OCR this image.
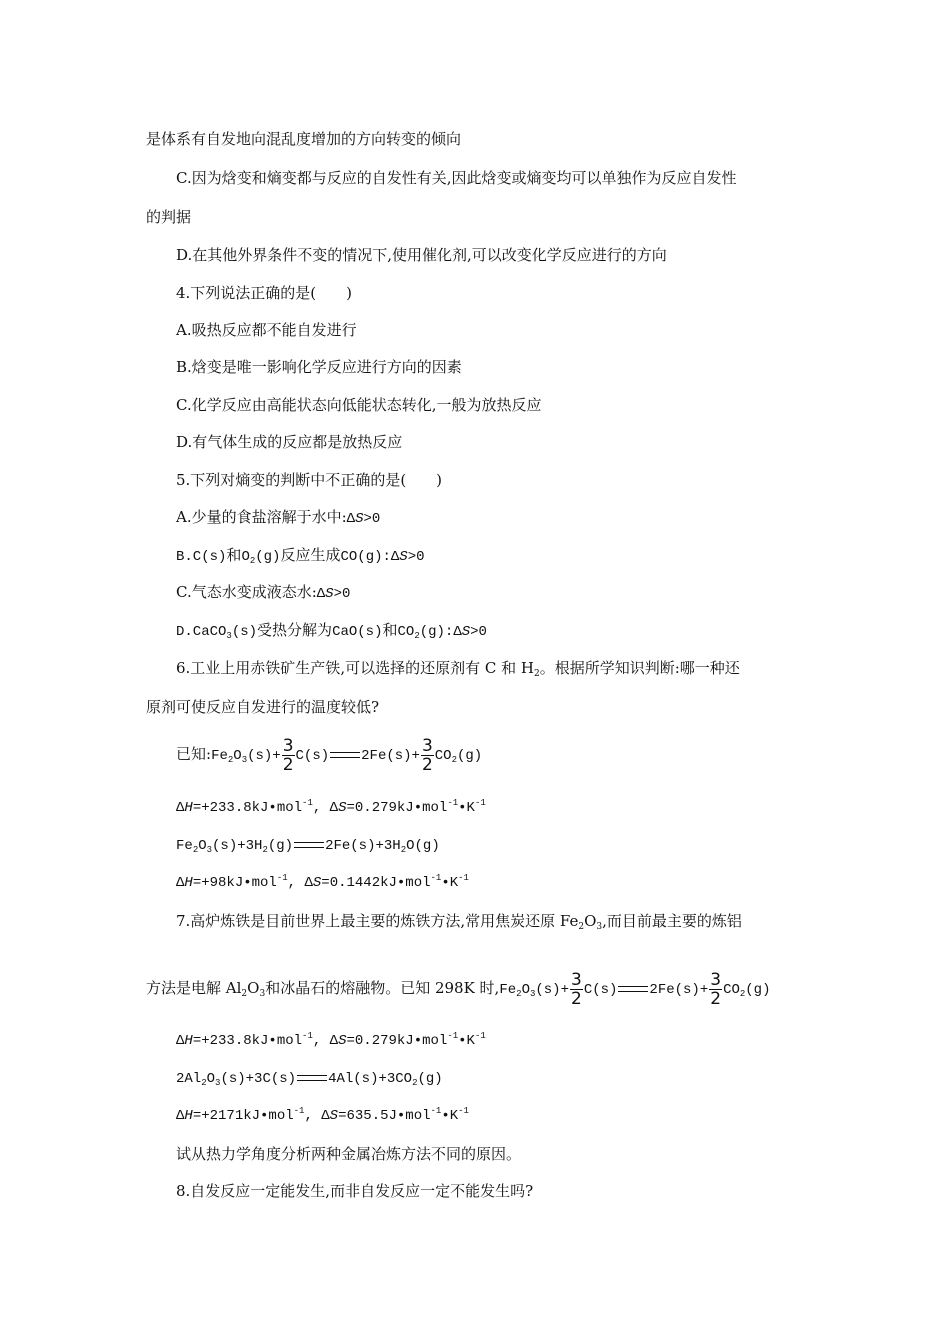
是体系有自发地向混乱度增加的方向转变的倾向
C.因为焓变和熵变都与反应的自发性有关,因此焓变或熵变均可以单独作为反应自发性
的判据
D.在其他外界条件不变的情况下,使用催化剂,可以改变化学反应进行的方向
4.下列说法正确的是(　　)
A.吸热反应都不能自发进行
B.焓变是唯一影响化学反应进行方向的因素
C.化学反应由高能状态向低能状态转化,一般为放热反应
D.有气体生成的反应都是放热反应
5.下列对熵变的判断中不正确的是(　　)
A.少量的食盐溶解于水中:ΔS>0
B.C(s)和$O_2(g)$反应生成CO(g):ΔS>0
C.气态水变成液态水:ΔS>0
D.CaCO$_3$(s)受热分解为CaO(s)和$CO_2(g):\Delta S>0$
6.工业上用赤铁矿生产铁,可以选择的还原剂有 C 和 $H_2$。根据所学知识判断:哪一种还
原剂可使反应自发进行的温度较低?
已知$:Fe_2O_3(s)+ \frac{3}{2} C(s)$ $2Fe(s)+ \frac{3}{2} CO_2(g)$
ΔH=+233.8kJ•mol$^{-1}$, $\Delta S=0.279kJ•mol^{-1}•K^{-1}$
$Fe_2O_3(s)+3H_2(g)$ $2Fe(s)+3H_2O(g)$
ΔH=+98kJ•mol$^{-1}$, $\Delta S=0.1442kJ•mol^{-1}•K^{-1}$
7.高炉炼铁是目前世界上最主要的炼铁方法,常用焦炭还原 $Fe_2O_3$,而目前最主要的炼铝
方法是电解 $Al_2O_3$和冰晶石的熔融物。已知 298K 时$,Fe_2O_3(s)+ \frac{3}{2} C(s)$ $2Fe(s)+ \frac{3}{2} CO_2(g)$
ΔH=+233.8kJ•mol$^{-1}$, $\Delta S=0.279kJ•mol^{-1}•K^{-1}$
$2Al_2O_3(s)+3C(s)$ $4Al(s)+3CO_2(g)$
ΔH=+2171kJ•mol$^{-1}$, $\Delta S=635.5J•mol^{-1}•K^{-1}$
试从热力学角度分析两种金属冶炼方法不同的原因。
8.自发反应一定能发生,而非自发反应一定不能发生吗?
